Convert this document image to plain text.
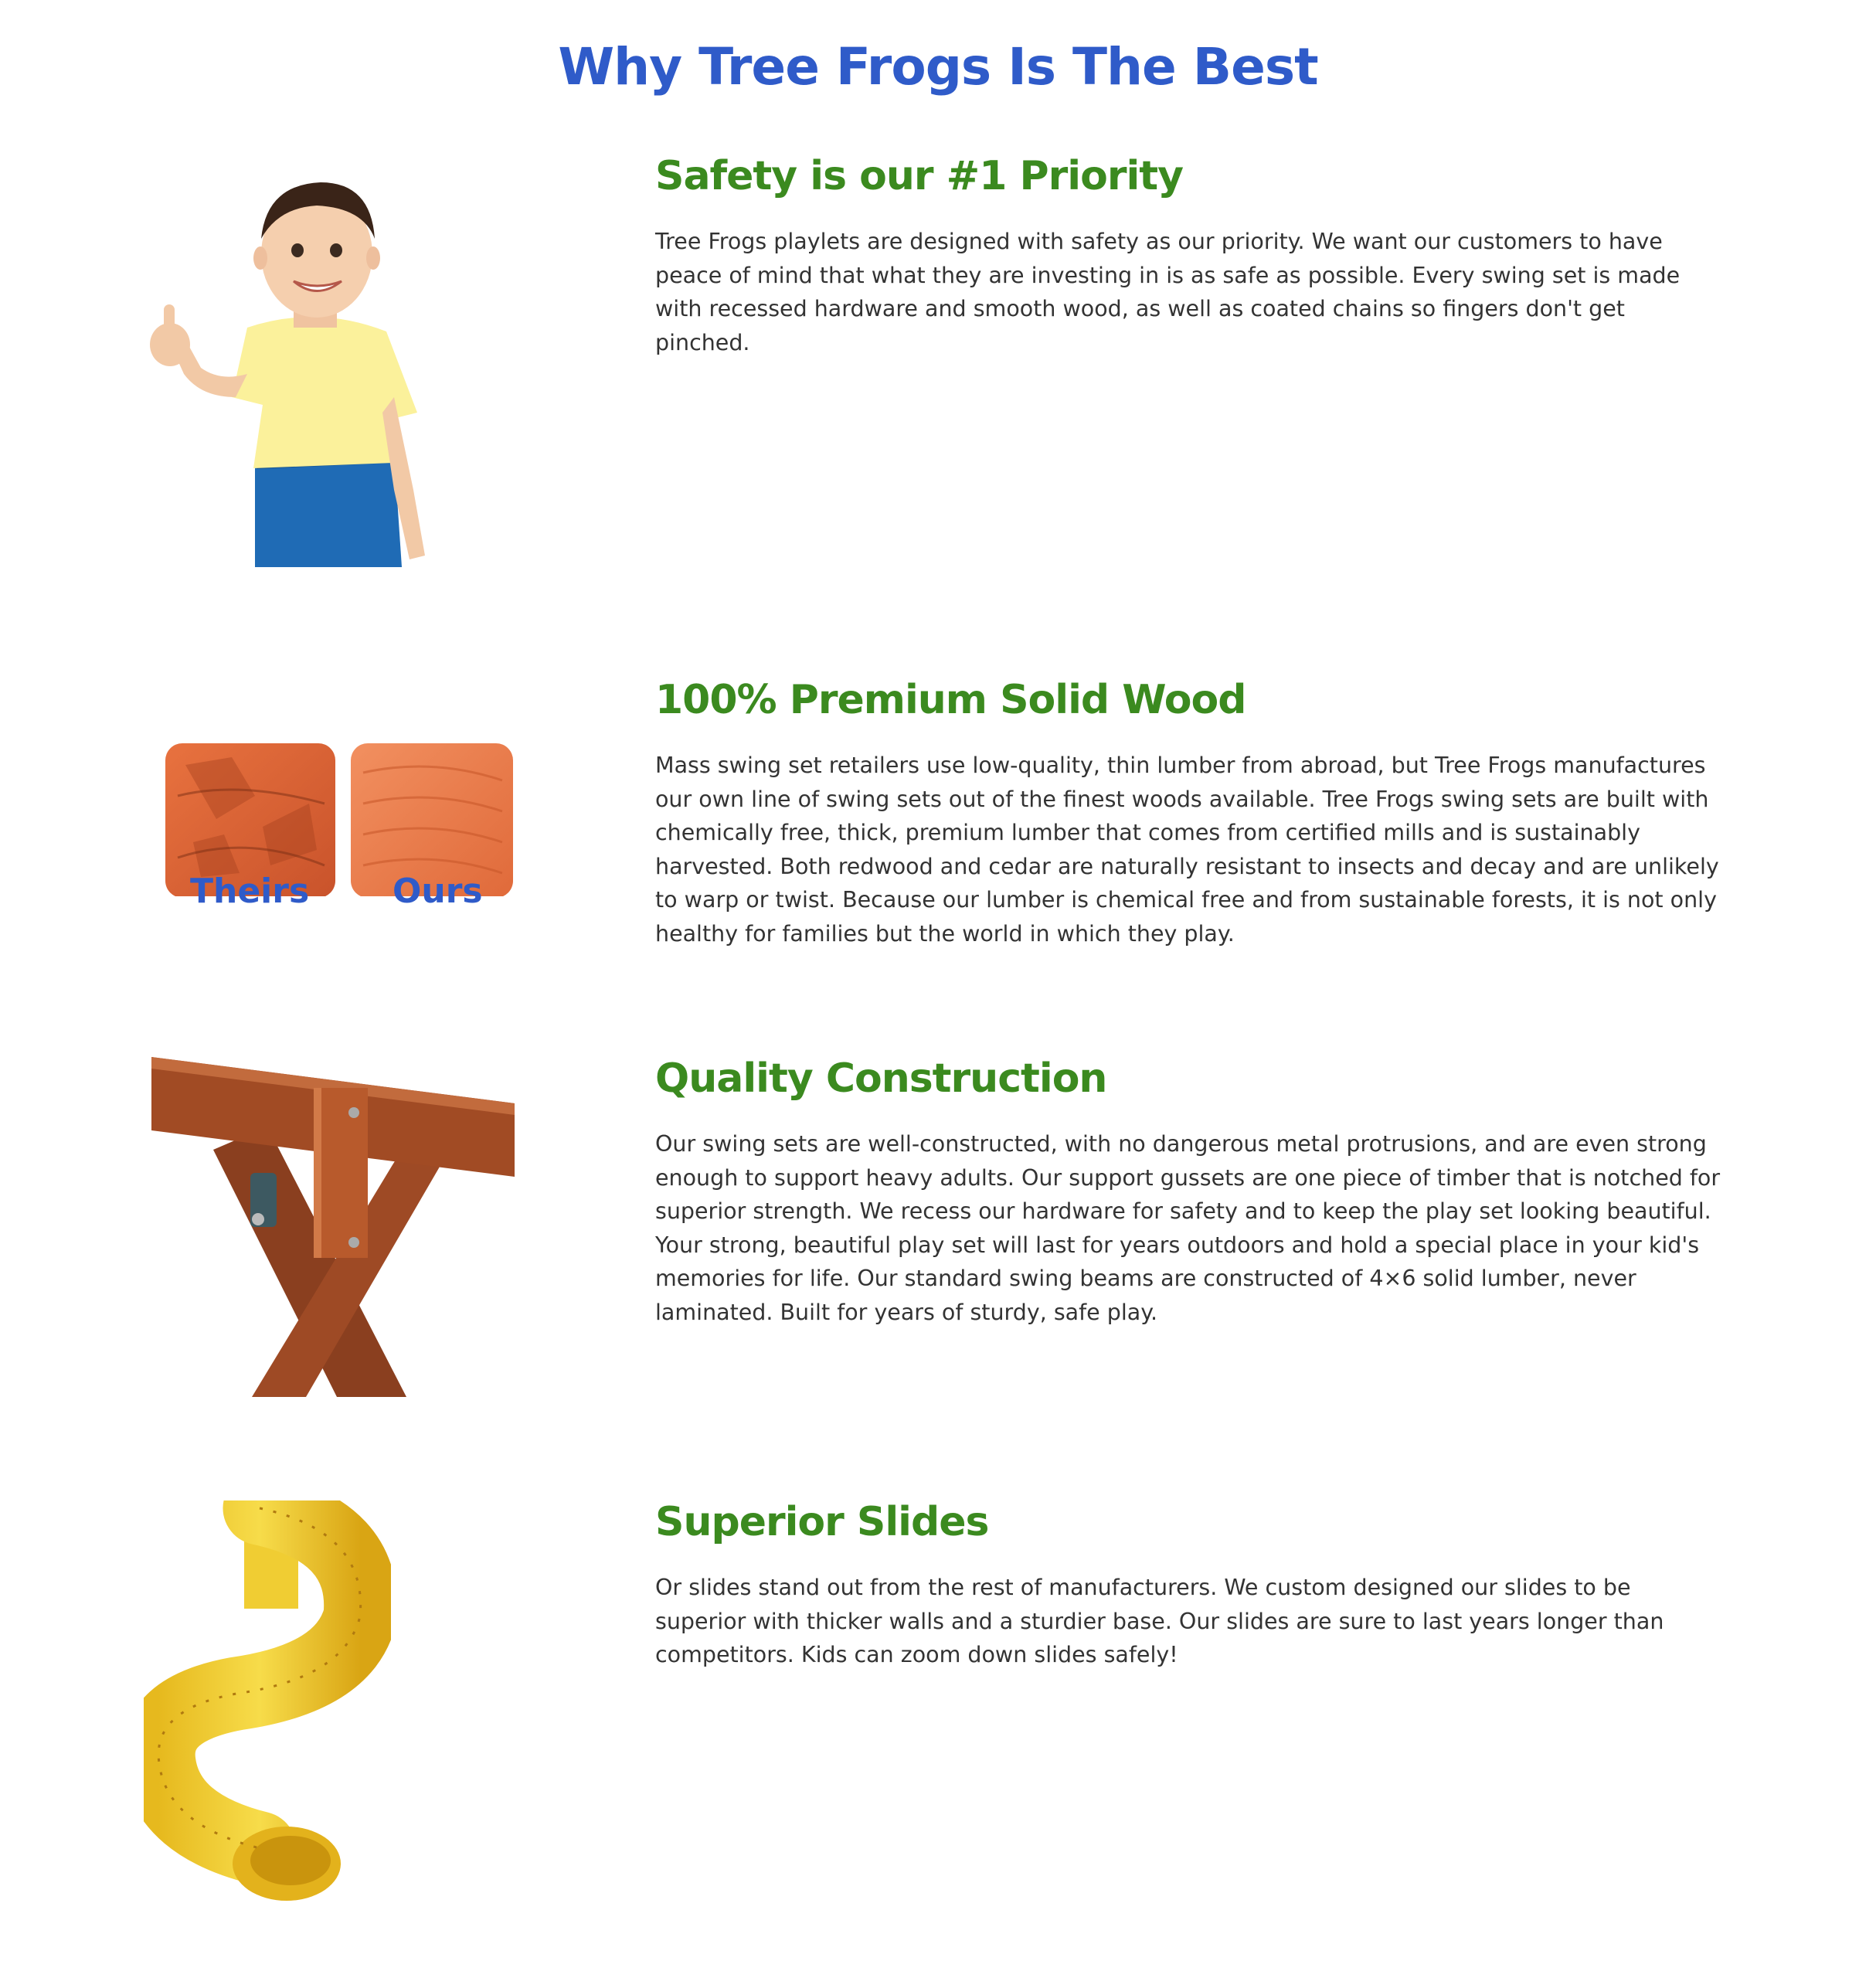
Why Tree Frogs Is The Best
Safety is our #1 Priority

Tree Frogs playlets are designed with safety as our priority. We want our customers to have peace of mind that what they are investing in is as safe as possible. Every swing set is made with recessed hardware and smooth wood, as well as coated chains so fingers don't get pinched.

Theirs Ours
100% Premium Solid Wood

Mass swing set retailers use low-quality, thin lumber from abroad, but Tree Frogs manufactures our own line of swing sets out of the finest woods available. Tree Frogs swing sets are built with chemically free, thick, premium lumber that comes from certified mills and is sustainably harvested. Both redwood and cedar are naturally resistant to insects and decay and are unlikely to warp or twist. Because our lumber is chemical free and from sustainable forests, it is not only healthy for families but the world in which they play.

Quality Construction

Our swing sets are well-constructed, with no dangerous metal protrusions, and are even strong enough to support heavy adults. Our support gussets are one piece of timber that is notched for superior strength. We recess our hardware for safety and to keep the play set looking beautiful. Your strong, beautiful play set will last for years outdoors and hold a special place in your kid's memories for life. Our standard swing beams are constructed of 4×6 solid lumber, never laminated. Built for years of sturdy, safe play.

Superior Slides

Or slides stand out from the rest of manufacturers. We custom designed our slides to be superior with thicker walls and a sturdier base. Our slides are sure to last years longer than competitors. Kids can zoom down slides safely!
